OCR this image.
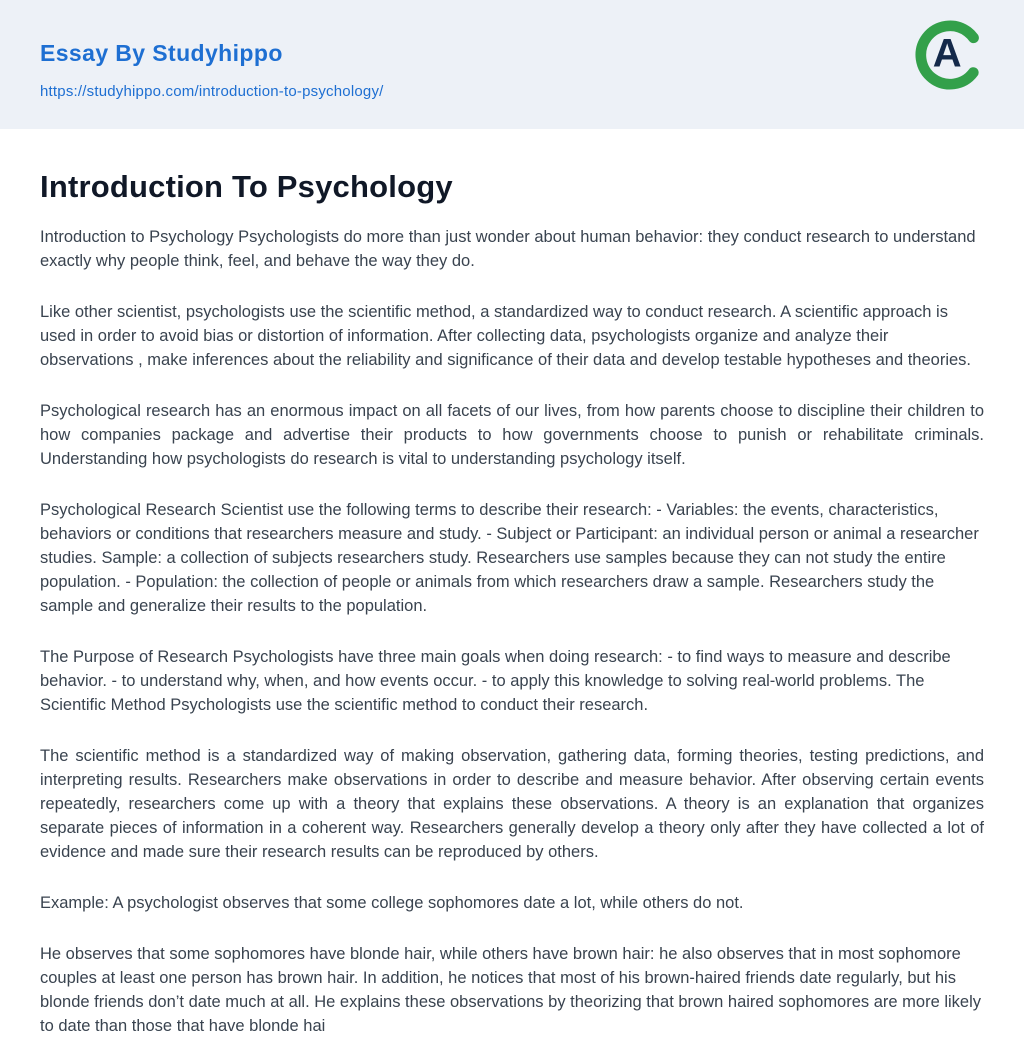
Essay By Studyhippo
https://studyhippo.com/introduction-to-psychology/
A
Introduction To Psychology

Introduction to Psychology Psychologists do more than just wonder about human behavior: they conduct research to understand exactly why people think, feel, and behave the way they do.

Like other scientist, psychologists use the scientific method, a standardized way to conduct research. A scientific approach is used in order to avoid bias or distortion of information. After collecting data, psychologists organize and analyze their observations , make inferences about the reliability and significance of their data and develop testable hypotheses and theories.

Psychological research has an enormous impact on all facets of our lives, from how parents choose to discipline their children to how companies package and advertise their products to how governments choose to punish or rehabilitate criminals. Understanding how psychologists do research is vital to understanding psychology itself.

Psychological Research Scientist use the following terms to describe their research: - Variables: the events, characteristics, behaviors or conditions that researchers measure and study. - Subject or Participant: an individual person or animal a researcher studies. Sample: a collection of subjects researchers study. Researchers use samples because they can not study the entire population. - Population: the collection of people or animals from which researchers draw a sample. Researchers study the sample and generalize their results to the population.

The Purpose of Research Psychologists have three main goals when doing research: - to find ways to measure and describe behavior. - to understand why, when, and how events occur. - to apply this knowledge to solving real-world problems. The Scientific Method Psychologists use the scientific method to conduct their research.

The scientific method is a standardized way of making observation, gathering data, forming theories, testing predictions, and interpreting results. Researchers make observations in order to describe and measure behavior. After observing certain events repeatedly, researchers come up with a theory that explains these observations. A theory is an explanation that organizes separate pieces of information in a coherent way. Researchers generally develop a theory only after they have collected a lot of evidence and made sure their research results can be reproduced by others.

Example: A psychologist observes that some college sophomores date a lot, while others do not.

He observes that some sophomores have blonde hair, while others have brown hair: he also observes that in most sophomore couples at least one person has brown hair. In addition, he notices that most of his brown-haired friends date regularly, but his blonde friends don’t date much at all. He explains these observations by theorizing that brown haired sophomores are more likely to date than those that have blonde hai
